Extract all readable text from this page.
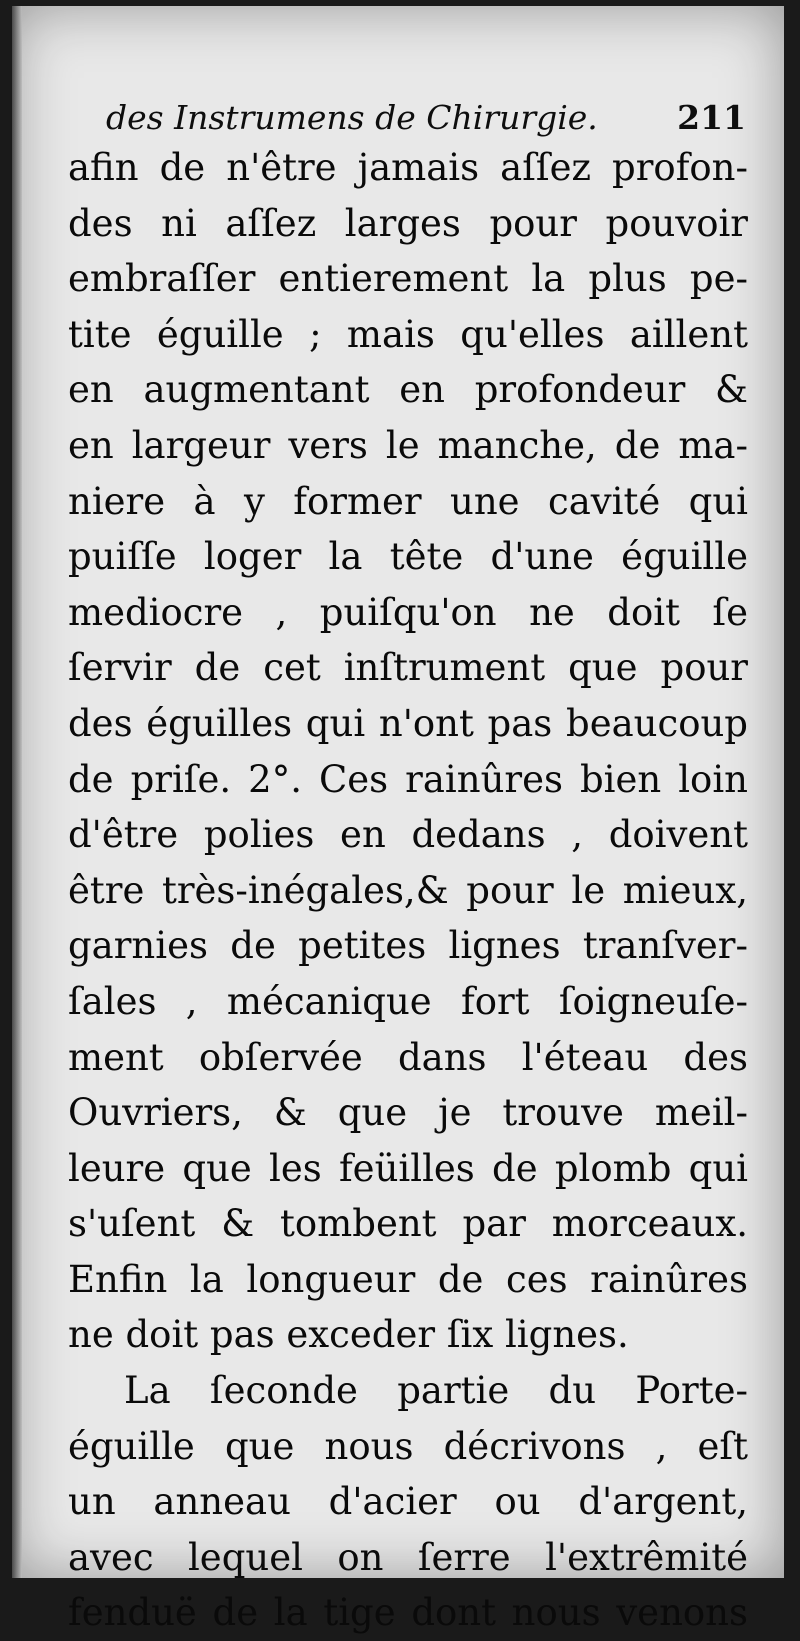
des Instrumens de Chirurgie. 211
afin de n'être jamais aſſez profon-
des ni aſſez larges pour pouvoir
embraſſer entierement la plus pe-
tite éguille ; mais qu'elles aillent
en augmentant en profondeur &
en largeur vers le manche, de ma-
niere à y former une cavité qui
puiſſe loger la tête d'une éguille
mediocre , puiſqu'on ne doit ſe
ſervir de cet inſtrument que pour
des éguilles qui n'ont pas beaucoup
de priſe. 2°. Ces rainûres bien loin
d'être polies en dedans , doivent
être très-inégales,& pour le mieux,
garnies de petites lignes tranſver-
ſales , mécanique fort ſoigneuſe-
ment obſervée dans l'éteau des
Ouvriers, & que je trouve meil-
leure que les feüilles de plomb qui
s'uſent & tombent par morceaux.
Enfin la longueur de ces rainûres
ne doit pas exceder ſix lignes.
La ſeconde partie du Porte-
éguille que nous décrivons , eſt
un anneau d'acier ou d'argent,
avec lequel on ſerre l'extrêmité
fenduë de la tige dont nous venons
